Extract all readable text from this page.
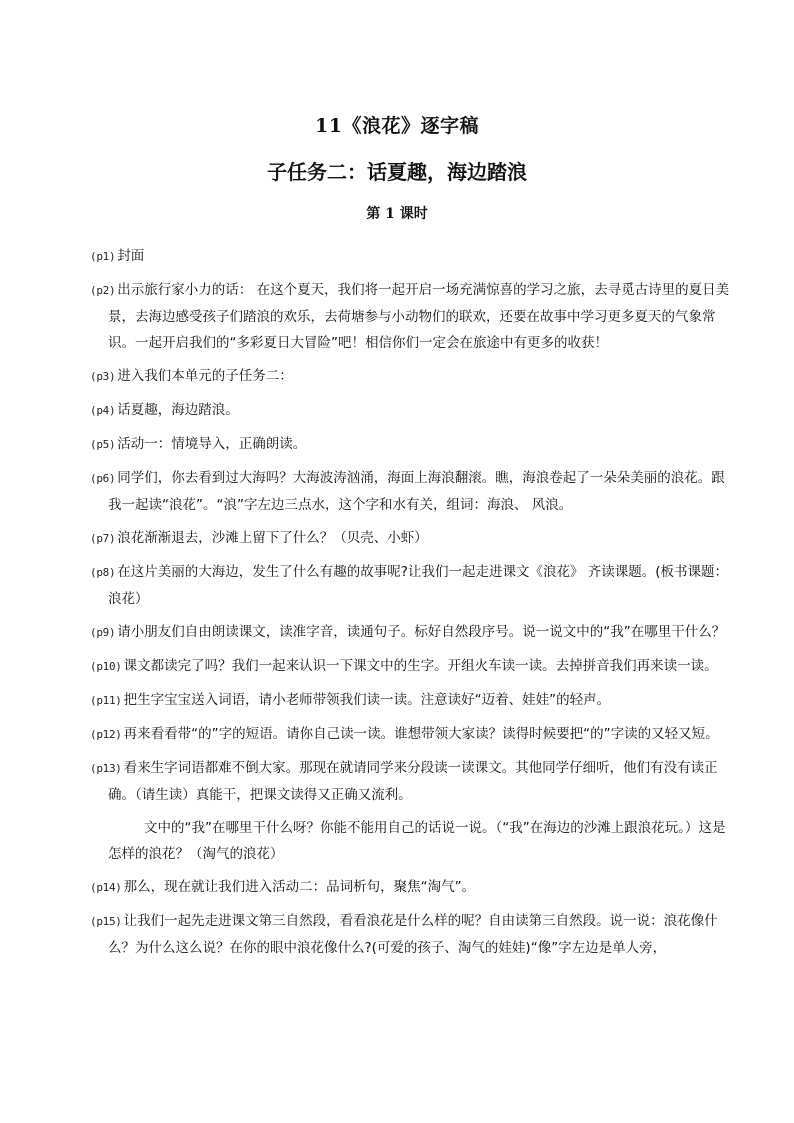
11《浪花》逐字稿
子任务二：话夏趣，海边踏浪
第 1 课时

(p1) 封面

(p2) 出示旅行家小力的话： 在这个夏天，我们将一起开启一场充满惊喜的学习之旅，去寻觅古诗里的夏日美景，去海边感受孩子们踏浪的欢乐，去荷塘参与小动物们的联欢，还要在故事中学习更多夏天的气象常识。一起开启我们的“多彩夏日大冒险”吧！相信你们一定会在旅途中有更多的收获！

(p3) 进入我们本单元的子任务二：

(p4) 话夏趣，海边踏浪。

(p5) 活动一：情境导入，正确朗读。

(p6) 同学们，你去看到过大海吗？大海波涛汹涌，海面上海浪翻滚。瞧，海浪卷起了一朵朵美丽的浪花。跟我一起读“浪花”。“浪”字左边三点水，这个字和水有关，组词：海浪、 风浪。

(p7) 浪花渐渐退去，沙滩上留下了什么？（贝壳、小虾）

(p8) 在这片美丽的大海边，发生了什么有趣的故事呢?让我们一起走进课文《浪花》 齐读课题。(板书课题：浪花）

(p9) 请小朋友们自由朗读课文，读准字音，读通句子。标好自然段序号。说一说文中的“我”在哪里干什么？

(p10) 课文都读完了吗？我们一起来认识一下课文中的生字。开组火车读一读。去掉拼音我们再来读一读。

(p11) 把生字宝宝送入词语，请小老师带领我们读一读。注意读好“迈着、娃娃”的轻声。

(p12) 再来看看带“的”字的短语。请你自己读一读。谁想带领大家读？读得时候要把“的”字读的又轻又短。

(p13) 看来生字词语都难不倒大家。那现在就请同学来分段读一读课文。其他同学仔细听，他们有没有读正确。（请生读）真能干，把课文读得又正确又流利。

文中的“我”在哪里干什么呀？你能不能用自己的话说一说。（“我”在海边的沙滩上跟浪花玩。）这是怎样的浪花？（淘气的浪花）

(p14) 那么，现在就让我们进入活动二：品词析句，聚焦“淘气”。

(p15) 让我们一起先走进课文第三自然段，看看浪花是什么样的呢？自由读第三自然段。说一说：浪花像什么？为什么这么说？在你的眼中浪花像什么?(可爱的孩子、淘气的娃娃)“像”字左边是单人旁，
